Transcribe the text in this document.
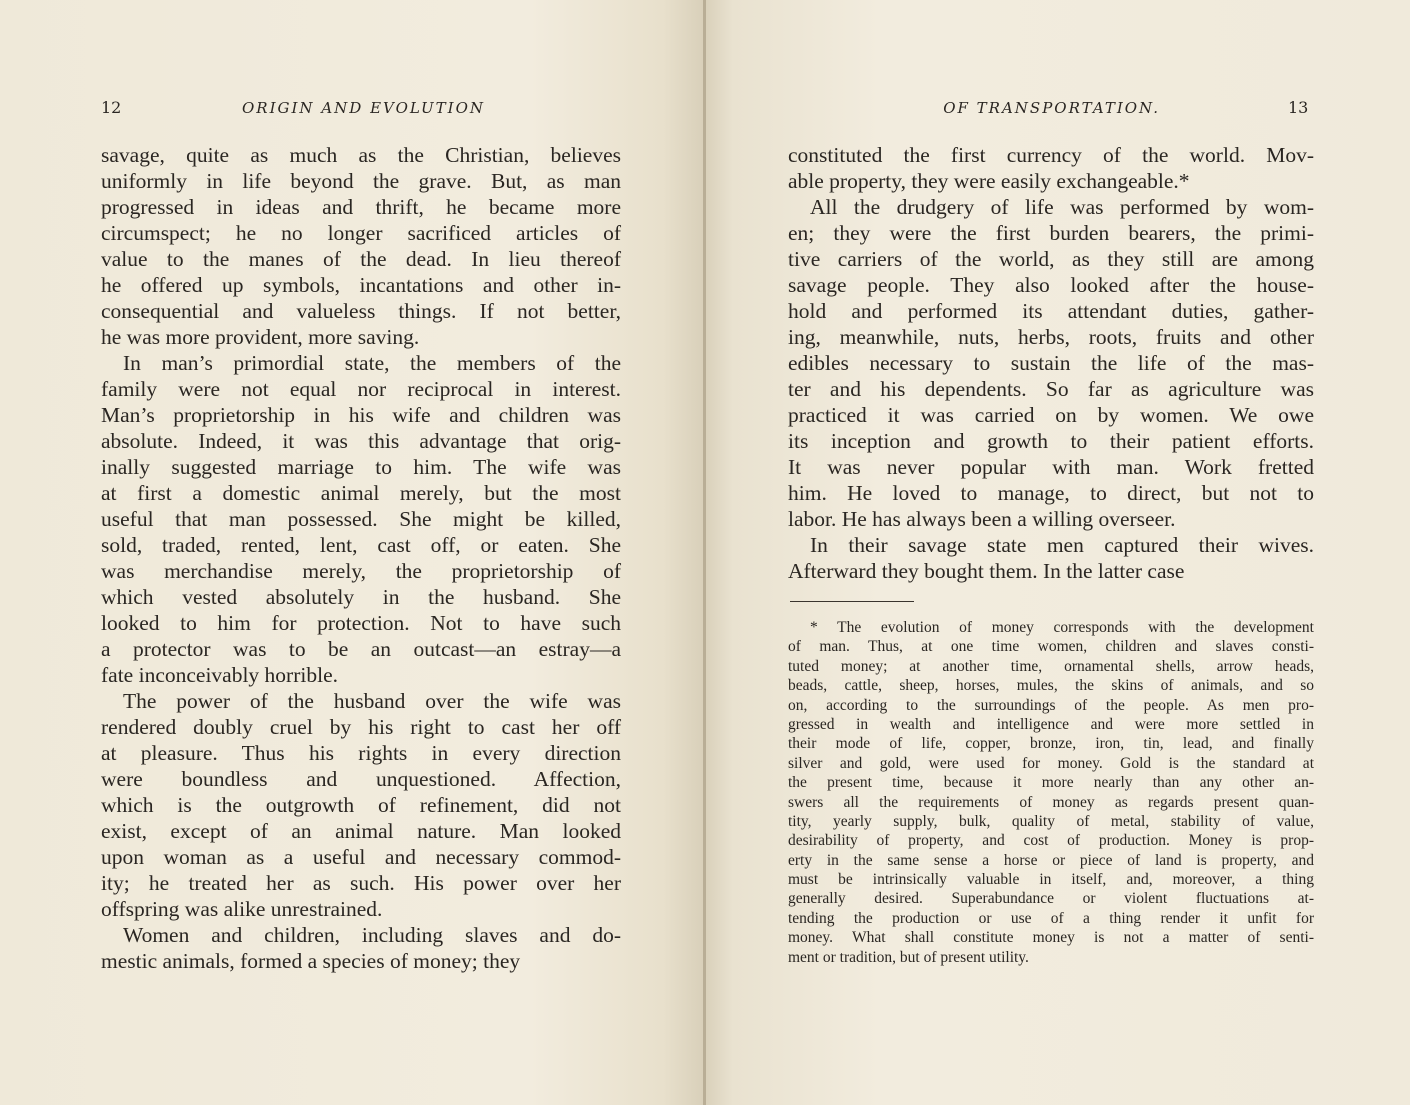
12	ORIGIN AND EVOLUTION
savage, quite as much as the Christian, believes
uniformly in life beyond the grave. But, as man
progressed in ideas and thrift, he became more
circumspect; he no longer sacrificed articles of
value to the manes of the dead. In lieu thereof
he offered up symbols, incantations and other in-
consequential and valueless things. If not better,
he was more provident, more saving.
In man’s primordial state, the members of the
family were not equal nor reciprocal in interest.
Man’s proprietorship in his wife and children was
absolute. Indeed, it was this advantage that orig-
inally suggested marriage to him. The wife was
at first a domestic animal merely, but the most
useful that man possessed. She might be killed,
sold, traded, rented, lent, cast off, or eaten. She
was merchandise merely, the proprietorship of
which vested absolutely in the husband. She
looked to him for protection. Not to have such
a protector was to be an outcast—an estray—a
fate inconceivably horrible.
The power of the husband over the wife was
rendered doubly cruel by his right to cast her off
at pleasure. Thus his rights in every direction
were boundless and unquestioned. Affection,
which is the outgrowth of refinement, did not
exist, except of an animal nature. Man looked
upon woman as a useful and necessary commod-
ity; he treated her as such. His power over her
offspring was alike unrestrained.
Women and children, including slaves and do-
mestic animals, formed a species of money; they
OF TRANSPORTATION.	13
constituted the first currency of the world. Mov-
able property, they were easily exchangeable.*
All the drudgery of life was performed by wom-
en; they were the first burden bearers, the primi-
tive carriers of the world, as they still are among
savage people. They also looked after the house-
hold and performed its attendant duties, gather-
ing, meanwhile, nuts, herbs, roots, fruits and other
edibles necessary to sustain the life of the mas-
ter and his dependents. So far as agriculture was
practiced it was carried on by women. We owe
its inception and growth to their patient efforts.
It was never popular with man. Work fretted
him. He loved to manage, to direct, but not to
labor. He has always been a willing overseer.
In their savage state men captured their wives.
Afterward they bought them. In the latter case
* The evolution of money corresponds with the development
of man. Thus, at one time women, children and slaves consti-
tuted money; at another time, ornamental shells, arrow heads,
beads, cattle, sheep, horses, mules, the skins of animals, and so
on, according to the surroundings of the people. As men pro-
gressed in wealth and intelligence and were more settled in
their mode of life, copper, bronze, iron, tin, lead, and finally
silver and gold, were used for money. Gold is the standard at
the present time, because it more nearly than any other an-
swers all the requirements of money as regards present quan-
tity, yearly supply, bulk, quality of metal, stability of value,
desirability of property, and cost of production. Money is prop-
erty in the same sense a horse or piece of land is property, and
must be intrinsically valuable in itself, and, moreover, a thing
generally desired. Superabundance or violent fluctuations at-
tending the production or use of a thing render it unfit for
money. What shall constitute money is not a matter of senti-
ment or tradition, but of present utility.
